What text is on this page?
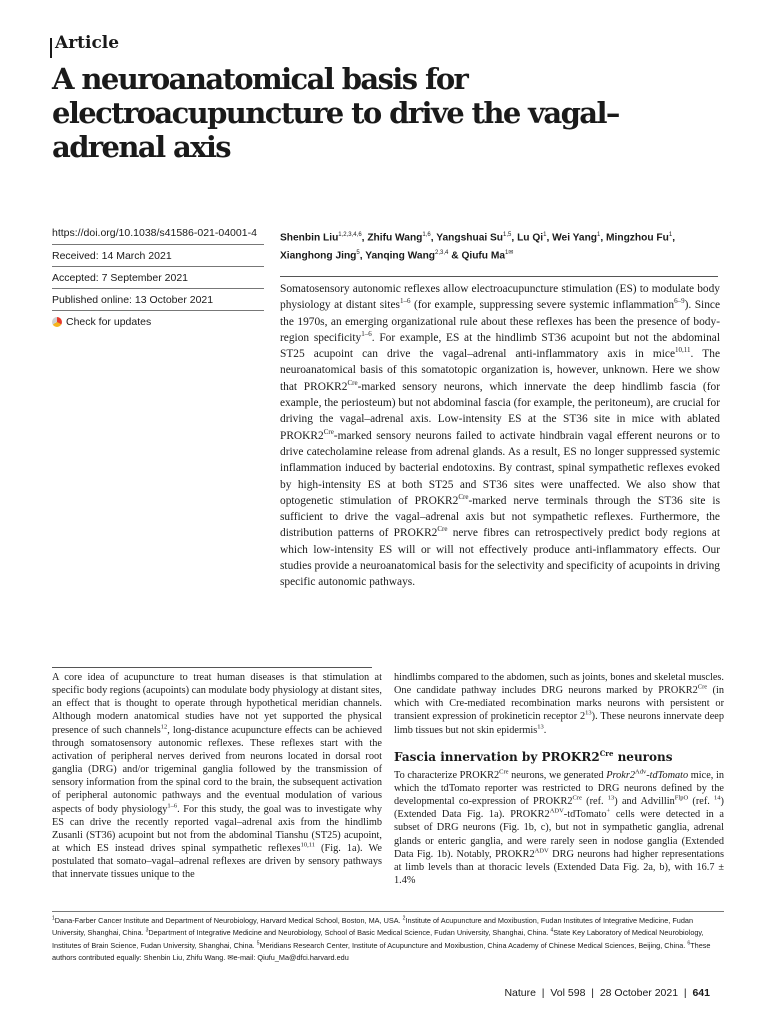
Article
A neuroanatomical basis for
electroacupuncture to drive the vagal–
adrenal axis
https://doi.org/10.1038/s41586-021-04001-4
Received: 14 March 2021
Accepted: 7 September 2021
Published online: 13 October 2021
Check for updates
Shenbin Liu$^{1,2,3,4,6}$, Zhifu Wang$^{1,6}$, Yangshuai Su$^{1,5}$, Lu Qi$^1$, Wei Yang$^1$, Mingzhou Fu$^1$, Xianghong Jing$^5$, Yanqing Wang$^{2,3,4}$ & Qiufu $Ma^{1✉}$

Somatosensory autonomic reflexes allow electroacupuncture stimulation (ES) to modulate body physiology at distant sites$^{1-6}$ (for example, suppressing severe systemic inflammation$^{6-9}$). Since the 1970s, an emerging organizational rule about these reflexes has been the presence of body-region specificity$^{1-6}$. For example, ES at the hindlimb ST36 acupoint but not the abdominal ST25 acupoint can drive the vagal–adrenal anti-inflammatory axis in mice$^{10,11}$. The neuroanatomical basis of this somatotopic organization is, however, unknown. Here we show that $PROKR2^{Cre}$-marked sensory neurons, which innervate the deep hindlimb fascia (for example, the periosteum) but not abdominal fascia (for example, the peritoneum), are crucial for driving the vagal–adrenal axis. Low-intensity ES at the ST36 site in mice with ablated $PROKR2^{Cre}$-marked sensory neurons failed to activate hindbrain vagal efferent neurons or to drive catecholamine release from adrenal glands. As a result, ES no longer suppressed systemic inflammation induced by bacterial endotoxins. By contrast, spinal sympathetic reflexes evoked by high-intensity ES at both ST25 and ST36 sites were unaffected. We also show that optogenetic stimulation of $PROKR2^{Cre}$-marked nerve terminals through the ST36 site is sufficient to drive the vagal–adrenal axis but not sympathetic reflexes. Furthermore, the distribution patterns of $PROKR2^{Cre}$ nerve fibres can retrospectively predict body regions at which low-intensity ES will or will not effectively produce anti-inflammatory effects. Our studies provide a neuroanatomical basis for the selectivity and specificity of acupoints in driving specific autonomic pathways.

A core idea of acupuncture to treat human diseases is that stimulation at specific body regions (acupoints) can modulate body physiology at distant sites, an effect that is thought to operate through hypothetical meridian channels. Although modern anatomical studies have not yet supported the physical presence of such channels$^{12}$, long-distance acupuncture effects can be achieved through somatosensory autonomic reflexes. These reflexes start with the activation of peripheral nerves derived from neurons located in dorsal root ganglia (DRG) and/or trigeminal ganglia followed by the transmission of sensory information from the spinal cord to the brain, the subsequent activation of peripheral autonomic pathways and the eventual modulation of various aspects of body physiology$^{1-6}$. For this study, the goal was to investigate why ES can drive the recently reported vagal–adrenal axis from the hindlimb Zusanli (ST36) acupoint but not from the abdominal Tianshu (ST25) acupoint, at which ES instead drives spinal sympathetic reflexes$^{10,11}$ (Fig. 1a). We postulated that somato–vagal–adrenal reflexes are driven by sensory pathways that innervate tissues unique to the

hindlimbs compared to the abdomen, such as joints, bones and skeletal muscles. One candidate pathway includes DRG neurons marked by $PROKR2^{Cre}$ (in which with Cre-mediated recombination marks neurons with persistent or transient expression of prokineticin receptor $2^{13}$). These neurons innervate deep limb tissues but not skin epidermis$^{13}$.

Fascia innervation by $PROKR2^{Cre}$ neurons

To characterize $PROKR2^{Cre}$ neurons, we generated $Prokr2^{Adv}$-tdTomato mice, in which the tdTomato reporter was restricted to DRG neurons defined by the developmental co-expression of $PROKR2^{Cre}$ (ref. $^{13}$) and Advillin$^{FlpO}$ (ref. $^{14}$) (Extended Data Fig. 1a). $PROKR2^{ADV}-tdTomato^+$ cells were detected in a subset of DRG neurons (Fig. 1b, c), but not in sympathetic ganglia, adrenal glands or enteric ganglia, and were rarely seen in nodose ganglia (Extended Data Fig. 1b). Notably, $PROKR2^{ADV}$ DRG neurons had higher representations at limb levels than at thoracic levels (Extended Data Fig. 2a, b), with 16.7 ± 1.4%

$^1$Dana-Farber Cancer Institute and Department of Neurobiology, Harvard Medical School, Boston, MA, USA. $^2$Institute of Acupuncture and Moxibustion, Fudan Institutes of Integrative Medicine, Fudan University, Shanghai, China. $^3$Department of Integrative Medicine and Neurobiology, School of Basic Medical Science, Fudan University, Shanghai, China. $^4$State Key Laboratory of Medical Neurobiology, Institutes of Brain Science, Fudan University, Shanghai, China. $^5$Meridians Research Center, Institute of Acupuncture and Moxibustion, China Academy of Chinese Medical Sciences, Beijing, China. $^6$These authors contributed equally: Shenbin Liu, Zhifu Wang. ✉e-mail: Qiufu_Ma@dfci.harvard.edu

Nature  |  Vol 598  |  28 October 2021  |  641
